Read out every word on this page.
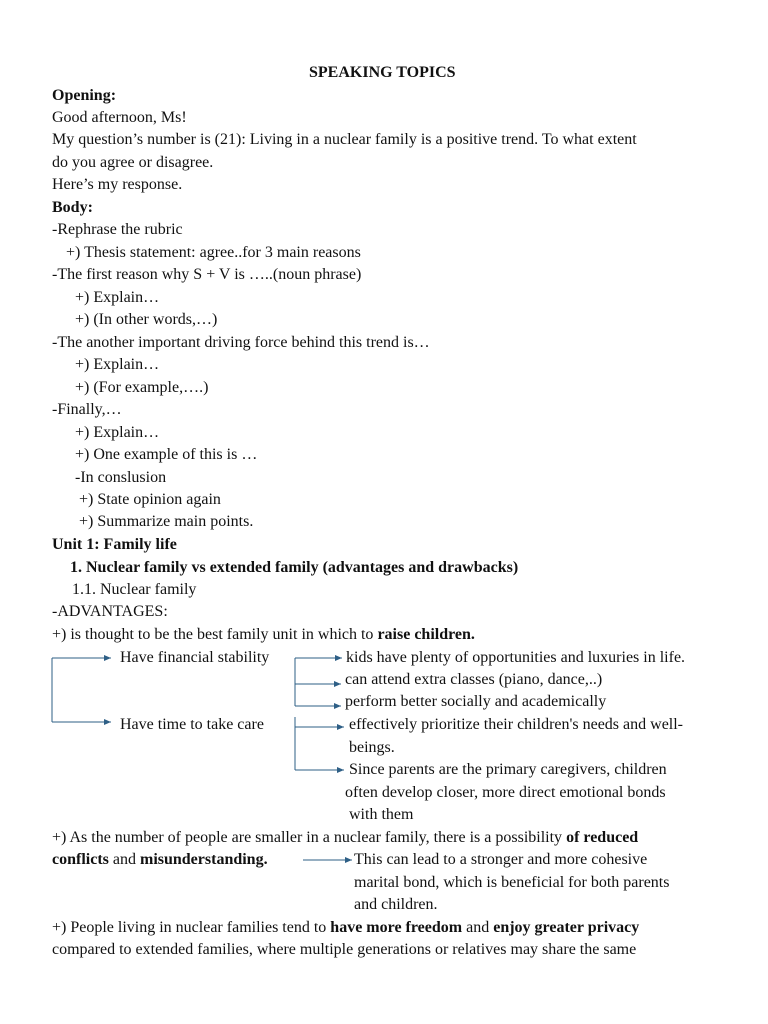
SPEAKING TOPICS
Opening:
Good afternoon, Ms!
My question’s number is (21): Living in a nuclear family is a positive trend. To what extent
do you agree or disagree.
Here’s my response.
Body:
-Rephrase the rubric
+) Thesis statement: agree..for 3 main reasons
-The first reason why S + V is …..(noun phrase)
+) Explain…
+) (In other words,…)
-The another important driving force behind this trend is…
+) Explain…
+) (For example,….)
-Finally,…
+) Explain…
+) One example of this is …
-In conslusion
+) State opinion again
+) Summarize main points.
Unit 1: Family life
1. Nuclear family vs extended family (advantages and drawbacks)
1.1. Nuclear family
-ADVANTAGES:
+) is thought to be the best family unit in which to raise children.
Have financial stability	kids have plenty of opportunities and luxuries in life.
can attend extra classes (piano, dance,..)
perform better socially and academically
Have time to take care	effectively prioritize their children's needs and well-
beings.
Since parents are the primary caregivers, children
often develop closer, more direct emotional bonds
with them
+) As the number of people are smaller in a nuclear family, there is a possibility of reduced
conflicts and misunderstanding.	This can lead to a stronger and more cohesive
marital bond, which is beneficial for both parents
and children.
+) People living in nuclear families tend to have more freedom and enjoy greater privacy
compared to extended families, where multiple generations or relatives may share the same
